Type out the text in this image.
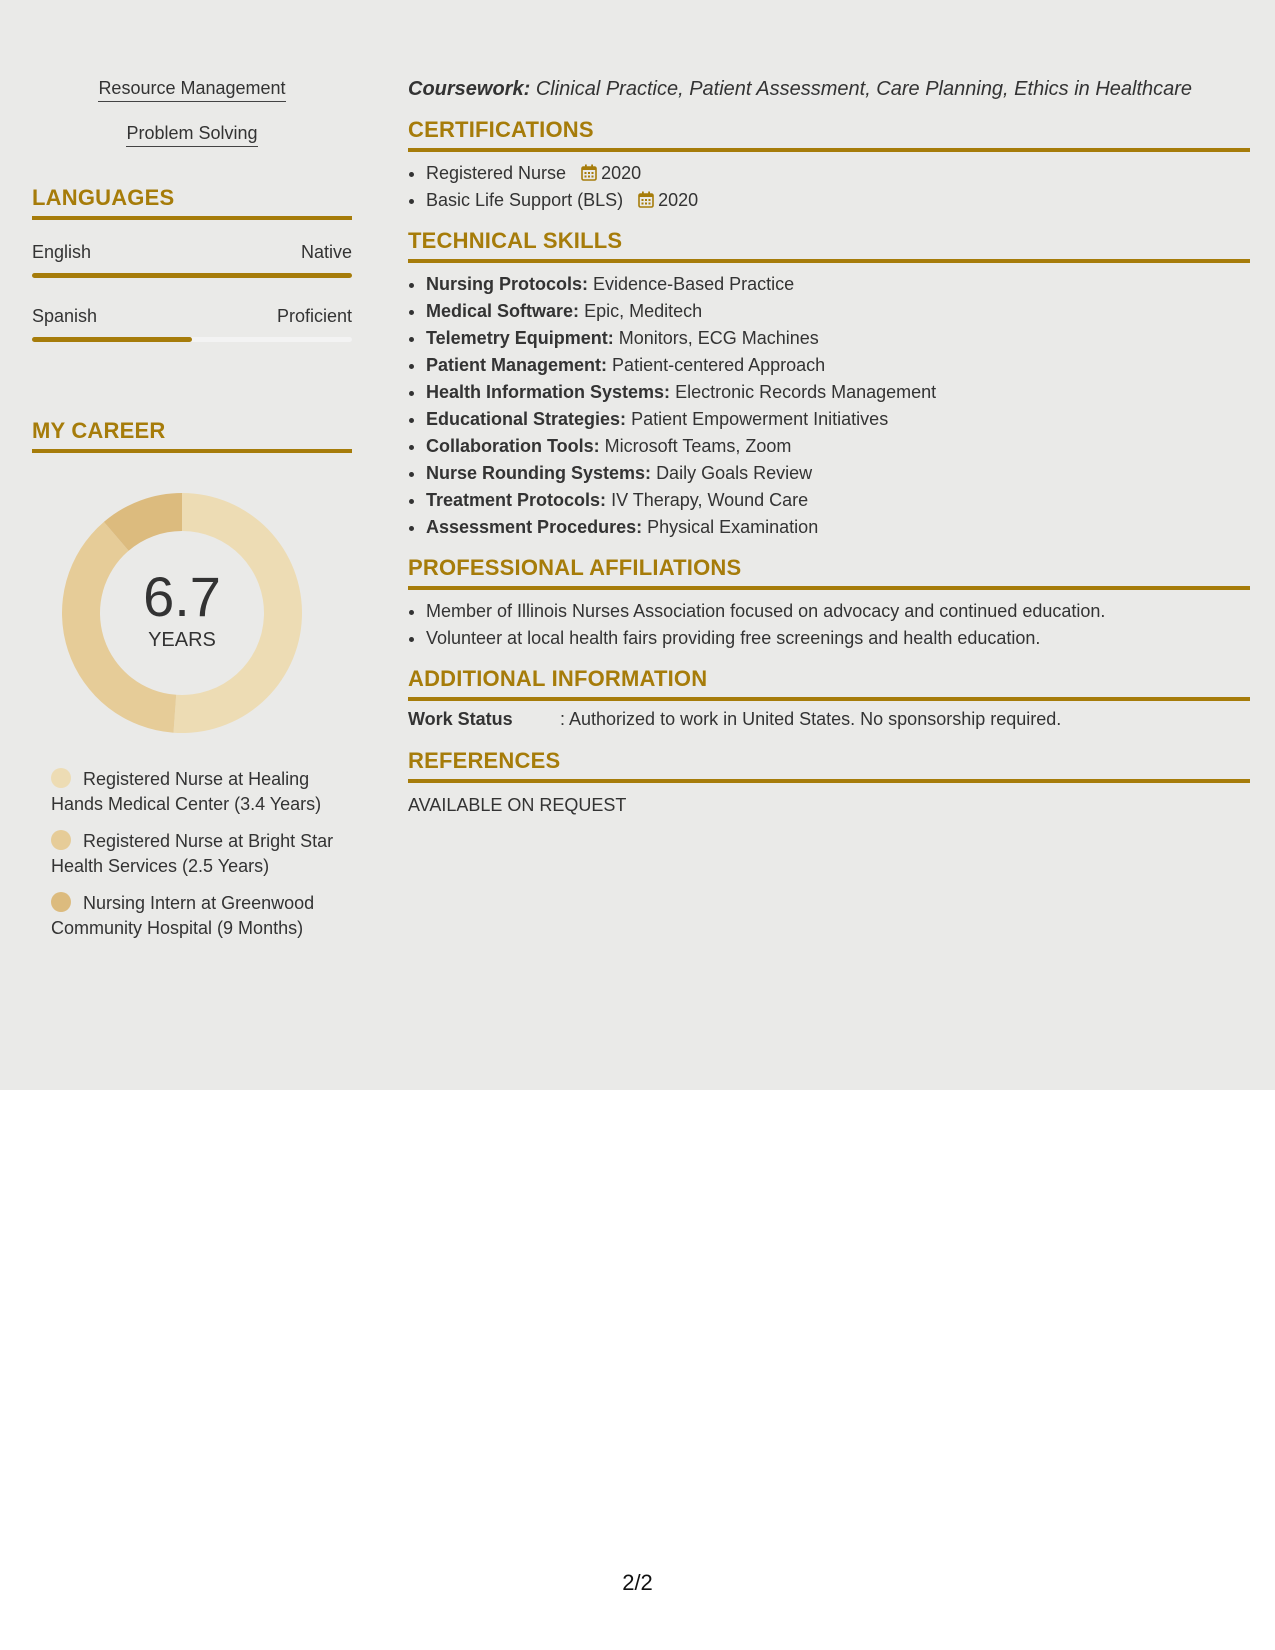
Resource Management
Problem Solving
LANGUAGES
English	Native
Spanish	Proficient
MY CAREER
6.7
YEARS
Registered Nurse at Healing Hands Medical Center (3.4 Years)
Registered Nurse at Bright Star Health Services (2.5 Years)
Nursing Intern at Greenwood Community Hospital (9 Months)

Coursework: Clinical Practice, Patient Assessment, Care Planning, Ethics in Healthcare

CERTIFICATIONS
• Registered Nurse 2020
• Basic Life Support (BLS) 2020
TECHNICAL SKILLS
• Nursing Protocols: Evidence-Based Practice
• Medical Software: Epic, Meditech
• Telemetry Equipment: Monitors, ECG Machines
• Patient Management: Patient-centered Approach
• Health Information Systems: Electronic Records Management
• Educational Strategies: Patient Empowerment Initiatives
• Collaboration Tools: Microsoft Teams, Zoom
• Nurse Rounding Systems: Daily Goals Review
• Treatment Protocols: IV Therapy, Wound Care
• Assessment Procedures: Physical Examination
PROFESSIONAL AFFILIATIONS
• Member of Illinois Nurses Association focused on advocacy and continued education.
• Volunteer at local health fairs providing free screenings and health education.
ADDITIONAL INFORMATION
Work Status	: Authorized to work in United States. No sponsorship required.
REFERENCES
AVAILABLE ON REQUEST
2/2
